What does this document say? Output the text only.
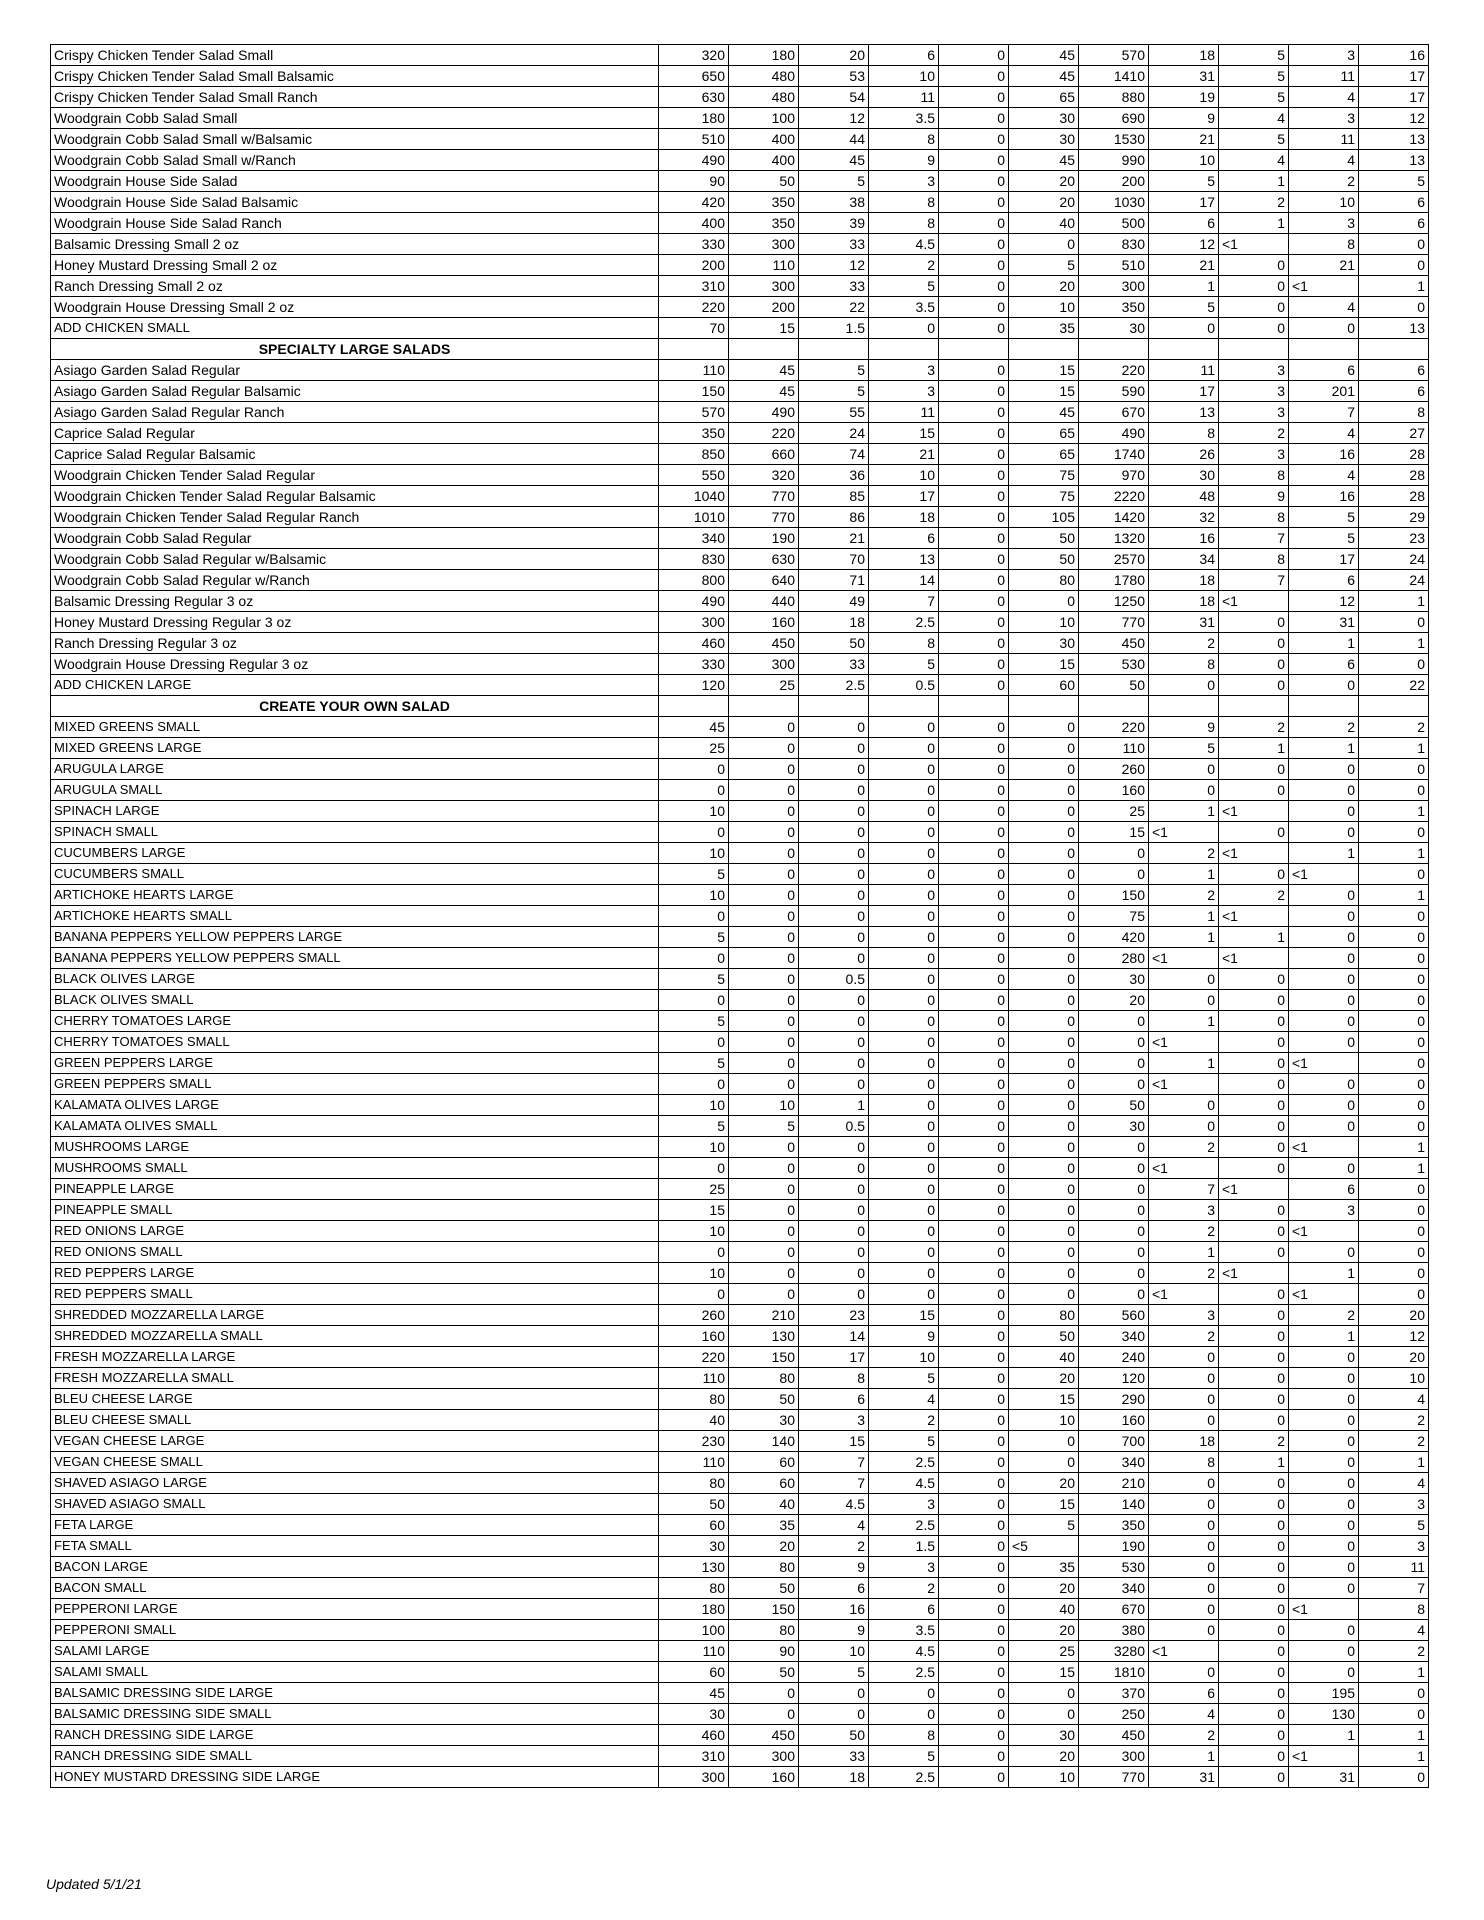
Crispy Chicken Tender Salad Small	320	180	20	6	0	45	570	18	5	3	16
Crispy Chicken Tender Salad Small Balsamic	650	480	53	10	0	45	1410	31	5	11	17
Crispy Chicken Tender Salad Small Ranch	630	480	54	11	0	65	880	19	5	4	17
Woodgrain Cobb Salad Small	180	100	12	3.5	0	30	690	9	4	3	12
Woodgrain Cobb Salad Small w/Balsamic	510	400	44	8	0	30	1530	21	5	11	13
Woodgrain Cobb Salad Small w/Ranch	490	400	45	9	0	45	990	10	4	4	13
Woodgrain House Side Salad	90	50	5	3	0	20	200	5	1	2	5
Woodgrain House Side Salad Balsamic	420	350	38	8	0	20	1030	17	2	10	6
Woodgrain House Side Salad Ranch	400	350	39	8	0	40	500	6	1	3	6
Balsamic Dressing Small 2 oz	330	300	33	4.5	0	0	830	12	<1	8	0
Honey Mustard Dressing Small 2 oz	200	110	12	2	0	5	510	21	0	21	0
Ranch Dressing Small 2 oz	310	300	33	5	0	20	300	1	0	<1	1
Woodgrain House Dressing Small 2 oz	220	200	22	3.5	0	10	350	5	0	4	0
ADD CHICKEN SMALL	70	15	1.5	0	0	35	30	0	0	0	13
SPECIALTY LARGE SALADS											
Asiago Garden Salad Regular	110	45	5	3	0	15	220	11	3	6	6
Asiago Garden Salad Regular Balsamic	150	45	5	3	0	15	590	17	3	201	6
Asiago Garden Salad Regular Ranch	570	490	55	11	0	45	670	13	3	7	8
Caprice Salad Regular	350	220	24	15	0	65	490	8	2	4	27
Caprice Salad Regular Balsamic	850	660	74	21	0	65	1740	26	3	16	28
Woodgrain Chicken Tender Salad Regular	550	320	36	10	0	75	970	30	8	4	28
Woodgrain Chicken Tender Salad Regular Balsamic	1040	770	85	17	0	75	2220	48	9	16	28
Woodgrain Chicken Tender Salad Regular Ranch	1010	770	86	18	0	105	1420	32	8	5	29
Woodgrain Cobb Salad Regular	340	190	21	6	0	50	1320	16	7	5	23
Woodgrain Cobb Salad Regular w/Balsamic	830	630	70	13	0	50	2570	34	8	17	24
Woodgrain Cobb Salad Regular w/Ranch	800	640	71	14	0	80	1780	18	7	6	24
Balsamic Dressing Regular 3 oz	490	440	49	7	0	0	1250	18	<1	12	1
Honey Mustard Dressing Regular 3 oz	300	160	18	2.5	0	10	770	31	0	31	0
Ranch Dressing Regular 3 oz	460	450	50	8	0	30	450	2	0	1	1
Woodgrain House Dressing Regular 3 oz	330	300	33	5	0	15	530	8	0	6	0
ADD CHICKEN LARGE	120	25	2.5	0.5	0	60	50	0	0	0	22
CREATE YOUR OWN SALAD											
MIXED GREENS SMALL	45	0	0	0	0	0	220	9	2	2	2
MIXED GREENS LARGE	25	0	0	0	0	0	110	5	1	1	1
ARUGULA LARGE	0	0	0	0	0	0	260	0	0	0	0
ARUGULA SMALL	0	0	0	0	0	0	160	0	0	0	0
SPINACH LARGE	10	0	0	0	0	0	25	1	<1	0	1
SPINACH SMALL	0	0	0	0	0	0	15	<1	0	0	0
CUCUMBERS LARGE	10	0	0	0	0	0	0	2	<1	1	1
CUCUMBERS SMALL	5	0	0	0	0	0	0	1	0	<1	0
ARTICHOKE HEARTS LARGE	10	0	0	0	0	0	150	2	2	0	1
ARTICHOKE HEARTS SMALL	0	0	0	0	0	0	75	1	<1	0	0
BANANA PEPPERS YELLOW PEPPERS LARGE	5	0	0	0	0	0	420	1	1	0	0
BANANA PEPPERS YELLOW PEPPERS SMALL	0	0	0	0	0	0	280	<1	<1	0	0
BLACK OLIVES LARGE	5	0	0.5	0	0	0	30	0	0	0	0
BLACK OLIVES SMALL	0	0	0	0	0	0	20	0	0	0	0
CHERRY TOMATOES LARGE	5	0	0	0	0	0	0	1	0	0	0
CHERRY TOMATOES SMALL	0	0	0	0	0	0	0	<1	0	0	0
GREEN PEPPERS LARGE	5	0	0	0	0	0	0	1	0	<1	0
GREEN PEPPERS SMALL	0	0	0	0	0	0	0	<1	0	0	0
KALAMATA OLIVES LARGE	10	10	1	0	0	0	50	0	0	0	0
KALAMATA OLIVES SMALL	5	5	0.5	0	0	0	30	0	0	0	0
MUSHROOMS LARGE	10	0	0	0	0	0	0	2	0	<1	1
MUSHROOMS SMALL	0	0	0	0	0	0	0	<1	0	0	1
PINEAPPLE LARGE	25	0	0	0	0	0	0	7	<1	6	0
PINEAPPLE SMALL	15	0	0	0	0	0	0	3	0	3	0
RED ONIONS LARGE	10	0	0	0	0	0	0	2	0	<1	0
RED ONIONS SMALL	0	0	0	0	0	0	0	1	0	0	0
RED PEPPERS LARGE	10	0	0	0	0	0	0	2	<1	1	0
RED PEPPERS SMALL	0	0	0	0	0	0	0	<1	0	<1	0
SHREDDED MOZZARELLA LARGE	260	210	23	15	0	80	560	3	0	2	20
SHREDDED MOZZARELLA SMALL	160	130	14	9	0	50	340	2	0	1	12
FRESH MOZZARELLA LARGE	220	150	17	10	0	40	240	0	0	0	20
FRESH MOZZARELLA SMALL	110	80	8	5	0	20	120	0	0	0	10
BLEU CHEESE LARGE	80	50	6	4	0	15	290	0	0	0	4
BLEU CHEESE SMALL	40	30	3	2	0	10	160	0	0	0	2
VEGAN CHEESE LARGE	230	140	15	5	0	0	700	18	2	0	2
VEGAN CHEESE SMALL	110	60	7	2.5	0	0	340	8	1	0	1
SHAVED ASIAGO LARGE	80	60	7	4.5	0	20	210	0	0	0	4
SHAVED ASIAGO SMALL	50	40	4.5	3	0	15	140	0	0	0	3
FETA LARGE	60	35	4	2.5	0	5	350	0	0	0	5
FETA SMALL	30	20	2	1.5	0	<5	190	0	0	0	3
BACON LARGE	130	80	9	3	0	35	530	0	0	0	11
BACON SMALL	80	50	6	2	0	20	340	0	0	0	7
PEPPERONI LARGE	180	150	16	6	0	40	670	0	0	<1	8
PEPPERONI SMALL	100	80	9	3.5	0	20	380	0	0	0	4
SALAMI LARGE	110	90	10	4.5	0	25	3280	<1	0	0	2
SALAMI SMALL	60	50	5	2.5	0	15	1810	0	0	0	1
BALSAMIC DRESSING SIDE LARGE	45	0	0	0	0	0	370	6	0	195	0
BALSAMIC DRESSING SIDE SMALL	30	0	0	0	0	0	250	4	0	130	0
RANCH DRESSING SIDE LARGE	460	450	50	8	0	30	450	2	0	1	1
RANCH DRESSING SIDE SMALL	310	300	33	5	0	20	300	1	0	<1	1
HONEY MUSTARD DRESSING SIDE LARGE	300	160	18	2.5	0	10	770	31	0	31	0
Updated 5/1/21
